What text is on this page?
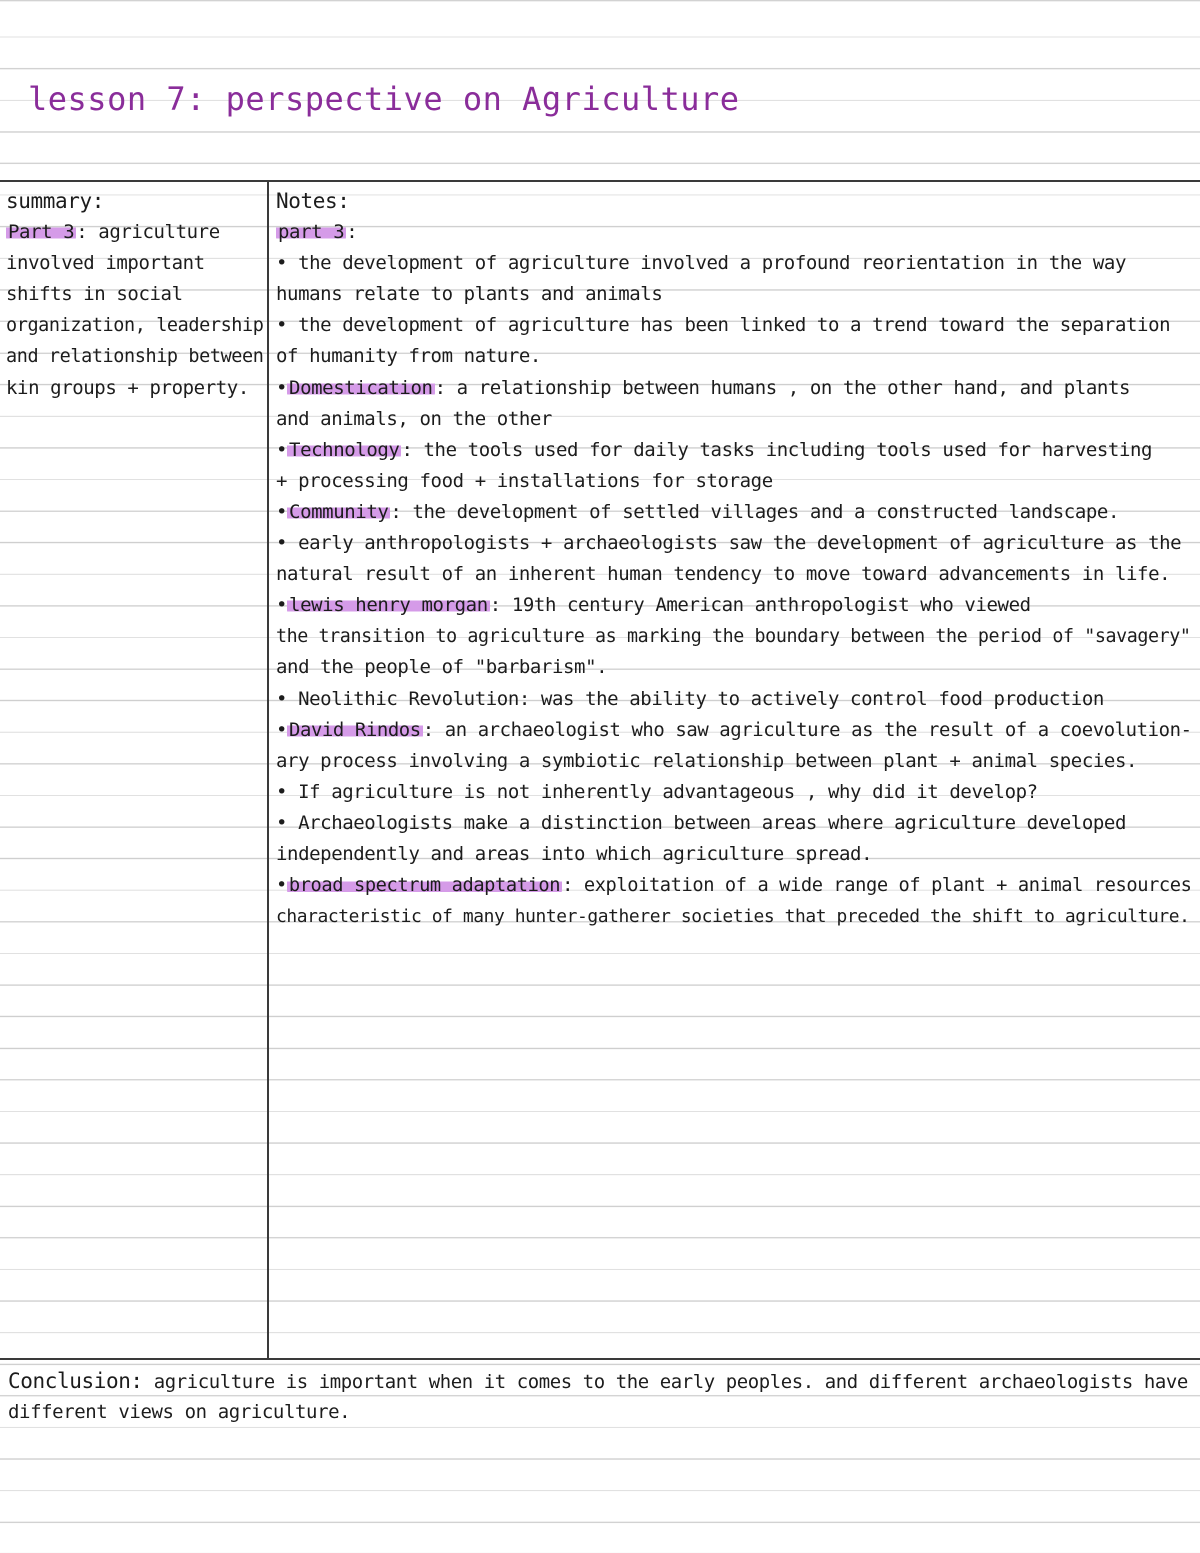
lesson 7: perspective on Agriculture
summary:
Part 3 : agriculture
involved important
shifts in social
organization, leadership
and relationship between
kin groups + property.
Notes:
part 3 :
• the development of agriculture involved a profound reorientation in the way
humans relate to plants and animals
• the development of agriculture has been linked to a trend toward the separation
of humanity from nature.
• Domestication : a relationship between humans , on the other hand, and plants
and animals, on the other
• Technology : the tools used for daily tasks including tools used for harvesting
+ processing food + installations for storage
• Community : the development of settled villages and a constructed landscape.
• early anthropologists + archaeologists saw the development of agriculture as the
natural result of an inherent human tendency to move toward advancements in life.
• lewis henry morgan : 19th century American anthropologist who viewed
the transition to agriculture as marking the boundary between the period of "savagery"
and the people of "barbarism".
• Neolithic Revolution: was the ability to actively control food production
• David Rindos : an archaeologist who saw agriculture as the result of a coevolution-
ary process involving a symbiotic relationship between plant + animal species.
• If agriculture is not inherently advantageous , why did it develop?
• Archaeologists make a distinction between areas where agriculture developed
independently and areas into which agriculture spread.
• broad spectrum adaptation : exploitation of a wide range of plant + animal resources
characteristic of many hunter-gatherer societies that preceded the shift to agriculture.
Conclusion: agriculture is important when it comes to the early peoples. and different archaeologists have
different views on agriculture.
